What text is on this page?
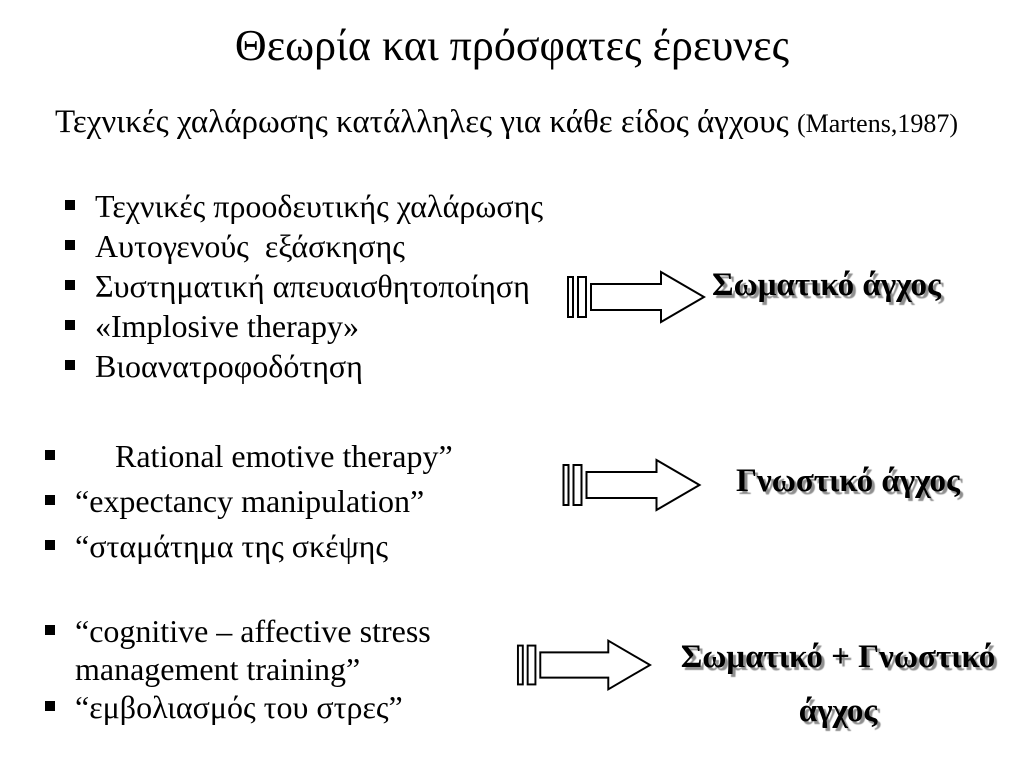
Θεωρία και πρόσφατες έρευνες

Τεχνικές χαλάρωσης κατάλληλες για κάθε είδος άγχους (Martens,1987)

Τεχνικές προοδευτικής χαλάρωσης
Αυτογενούς  εξάσκησης
Συστηματική απευαισθητοποίηση
«Implosive therapy»
Βιοανατροφοδότηση
Σωματικό άγχος
Rational emotive therapy”
“expectancy manipulation”
“σταμάτημα της σκέψης
Γνωστικό άγχος
“cognitive – affective stress management training”
“εμβολιασμός του στρες”
Σωματικό + Γνωστικό
άγχος
